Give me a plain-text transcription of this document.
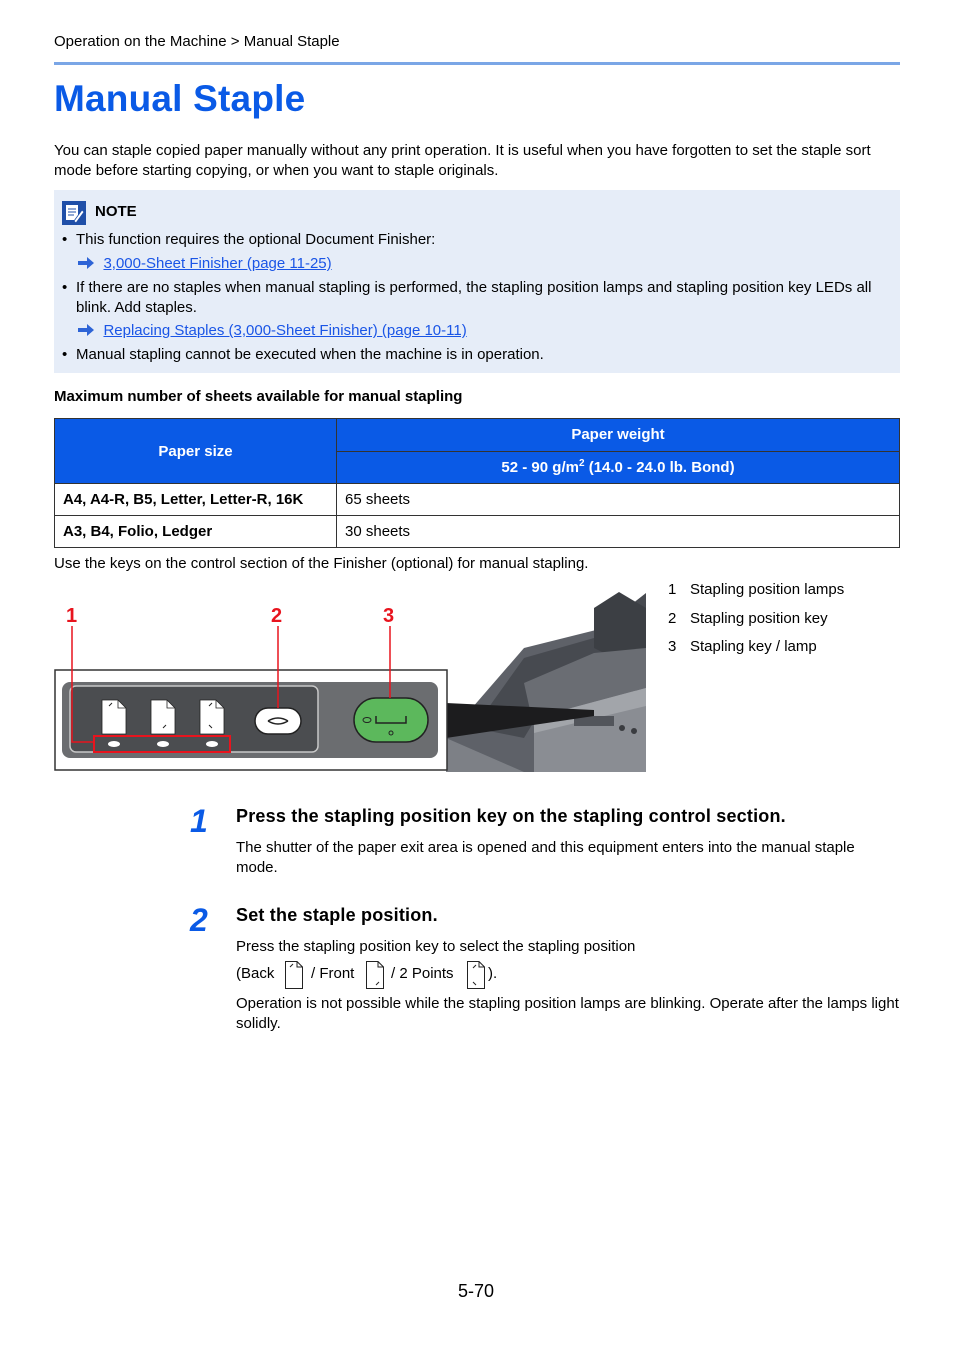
Operation on the Machine > Manual Staple
Manual Staple
You can staple copied paper manually without any print operation. It is useful when you have forgotten to set the staple sort mode before starting copying, or when you want to staple originals.
NOTE
• This function requires the optional Document Finisher:
3,000-Sheet Finisher (page 11-25)
• If there are no staples when manual stapling is performed, the stapling position lamps and stapling position key LEDs all blink. Add staples.
Replacing Staples (3,000-Sheet Finisher) (page 10-11)
• Manual stapling cannot be executed when the machine is in operation.
Maximum number of sheets available for manual stapling
Paper size	Paper weight
	52 - 90 $g/m^2$ (14.0 - 24.0 lb. Bond)
A4, A4-R, B5, Letter, Letter-R, 16K	65 sheets
A3, B4, Folio, Ledger	30 sheets
Use the keys on the control section of the Finisher (optional) for manual stapling.
1	2	3
1 Stapling position lamps
2 Stapling position key
3 Stapling key / lamp
1 Press the stapling position key on the stapling control section.
The shutter of the paper exit area is opened and this equipment enters into the manual staple mode.
2 Set the staple position.
Press the stapling position key to select the stapling position
(Back / Front / 2 Points ).
Operation is not possible while the stapling position lamps are blinking. Operate after the lamps light solidly.
5-70
